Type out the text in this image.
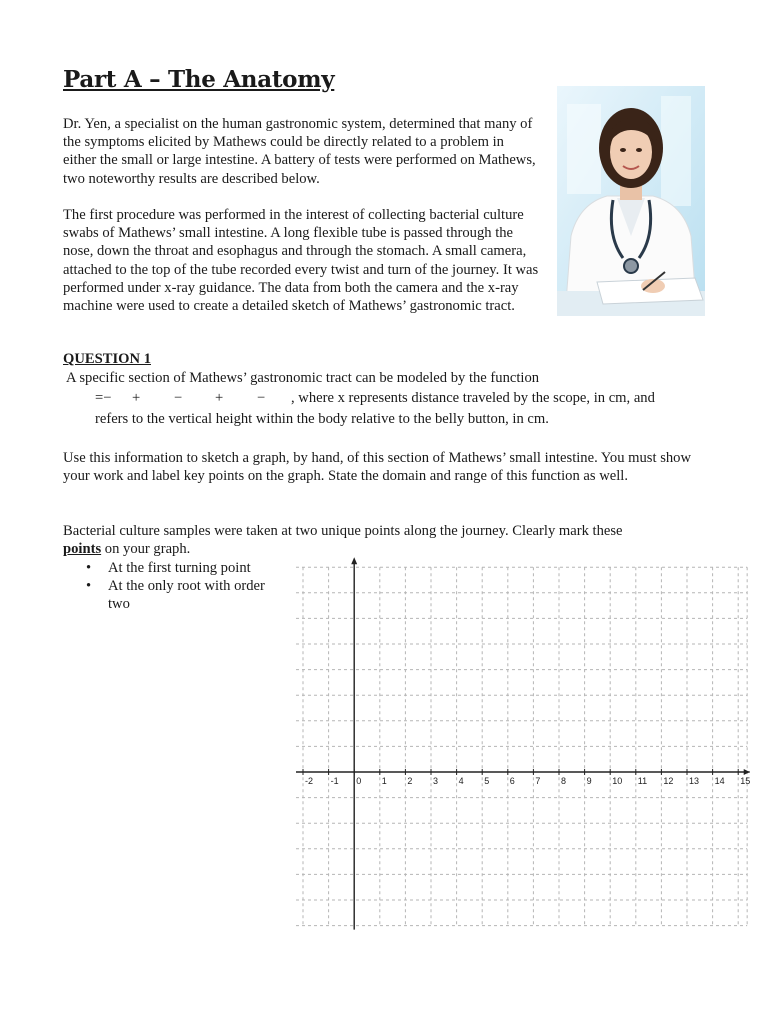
Part A – The Anatomy

Dr. Yen, a specialist on the human gastronomic system, determined that many of the symptoms elicited by Mathews could be directly related to a problem in either the small or large intestine. A battery of tests were performed on Mathews, two noteworthy results are described below.

The first procedure was performed in the interest of collecting bacterial culture swabs of Mathews’ small intestine. A long flexible tube is passed through the nose, down the throat and esophagus and through the stomach. A small camera, attached to the top of the tube recorded every twist and turn of the journey. It was performed under x-ray guidance. The data from both the camera and the x-ray machine were used to create a detailed sketch of Mathews’ gastronomic tract.

QUESTION 1

A specific section of Mathews’ gastronomic tract can be modeled by the function

=− + − + − , where x represents distance traveled by the scope, in cm, and

refers to the vertical height within the body relative to the belly button, in cm.

Use this information to sketch a graph, by hand, of this section of Mathews’ small intestine. You must show your work and label key points on the graph. State the domain and range of this function as well.

Bacterial culture samples were taken at two unique points along the journey. Clearly mark these

points on your graph.

• At the first turning point
• At the only root with order two
-2 -1 0 1 2 3 4 5 6 7 8 9 10 11 12 13 14 15
